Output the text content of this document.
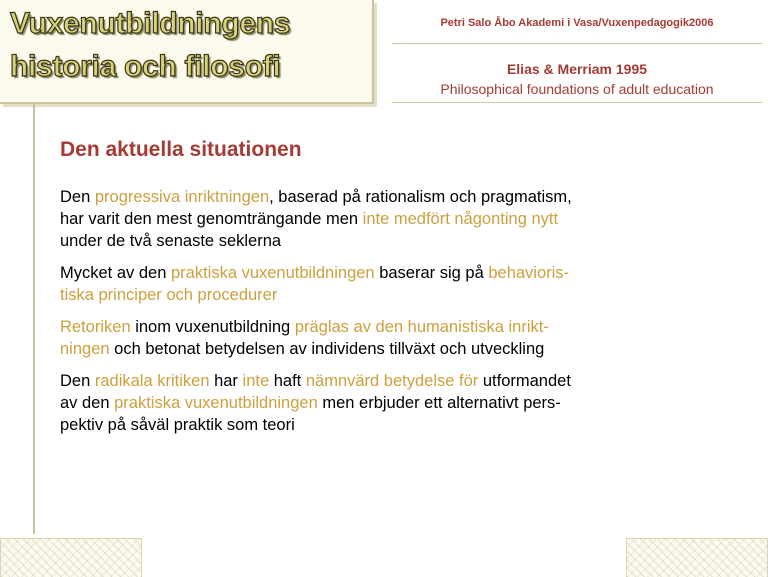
Vuxenutbildningens
historia och filosofi
Petri Salo Åbo Akademi i Vasa/Vuxenpedagogik2006
Elias & Merriam 1995
Philosophical foundations of adult education
Den aktuella situationen

Den progressiva inriktningen, baserad på rationalism och pragmatism,
har varit den mest genomträngande men inte medfört någonting nytt
under de två senaste seklerna

Mycket av den praktiska vuxenutbildningen baserar sig på behavioris-
tiska principer och procedurer

Retoriken inom vuxenutbildning präglas av den humanistiska inrikt-
ningen och betonat betydelsen av individens tillväxt och utveckling

Den radikala kritiken har inte haft nämnvärd betydelse för utformandet
av den praktiska vuxenutbildningen men erbjuder ett alternativt pers-
pektiv på såväl praktik som teori
